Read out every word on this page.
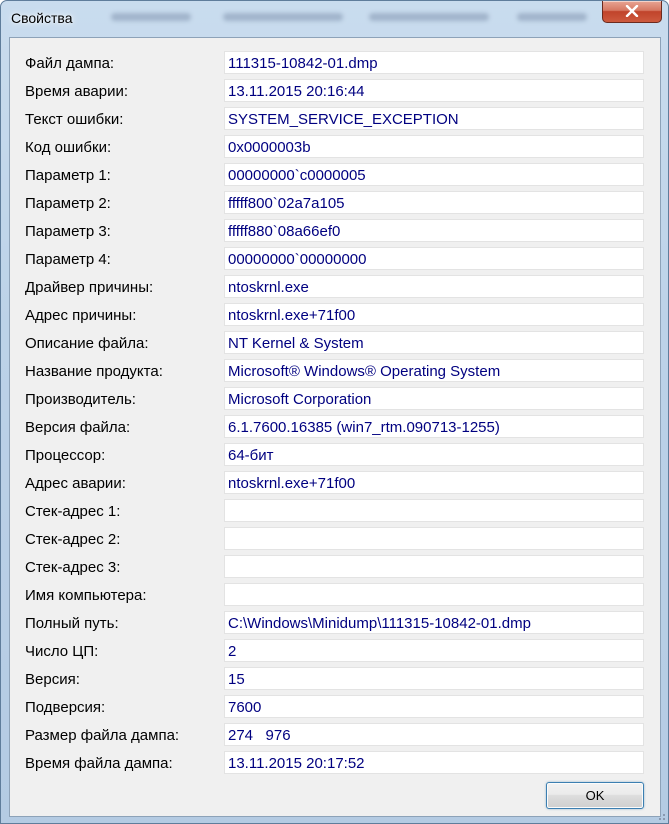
Свойства
OK
Файл дампа:	111315-10842-01.dmp
Время аварии:	13.11.2015 20:16:44
Текст ошибки:	SYSTEM_SERVICE_EXCEPTION
Код ошибки:	0x0000003b
Параметр 1:	00000000`c0000005
Параметр 2:	fffff800`02a7a105
Параметр 3:	fffff880`08a66ef0
Параметр 4:	00000000`00000000
Драйвер причины:	ntoskrnl.exe
Адрес причины:	ntoskrnl.exe+71f00
Описание файла:	NT Kernel & System
Название продукта:	Microsoft® Windows® Operating System
Производитель:	Microsoft Corporation
Версия файла:	6.1.7600.16385 (win7_rtm.090713-1255)
Процессор:	64-бит
Адрес аварии:	ntoskrnl.exe+71f00
Стек-адрес 1:
Стек-адрес 2:
Стек-адрес 3:
Имя компьютера:
Полный путь:	C:\Windows\Minidump\111315-10842-01.dmp
Число ЦП:	2
Версия:	15
Подверсия:	7600
Размер файла дампа:	274   976
Время файла дампа:	13.11.2015 20:17:52
